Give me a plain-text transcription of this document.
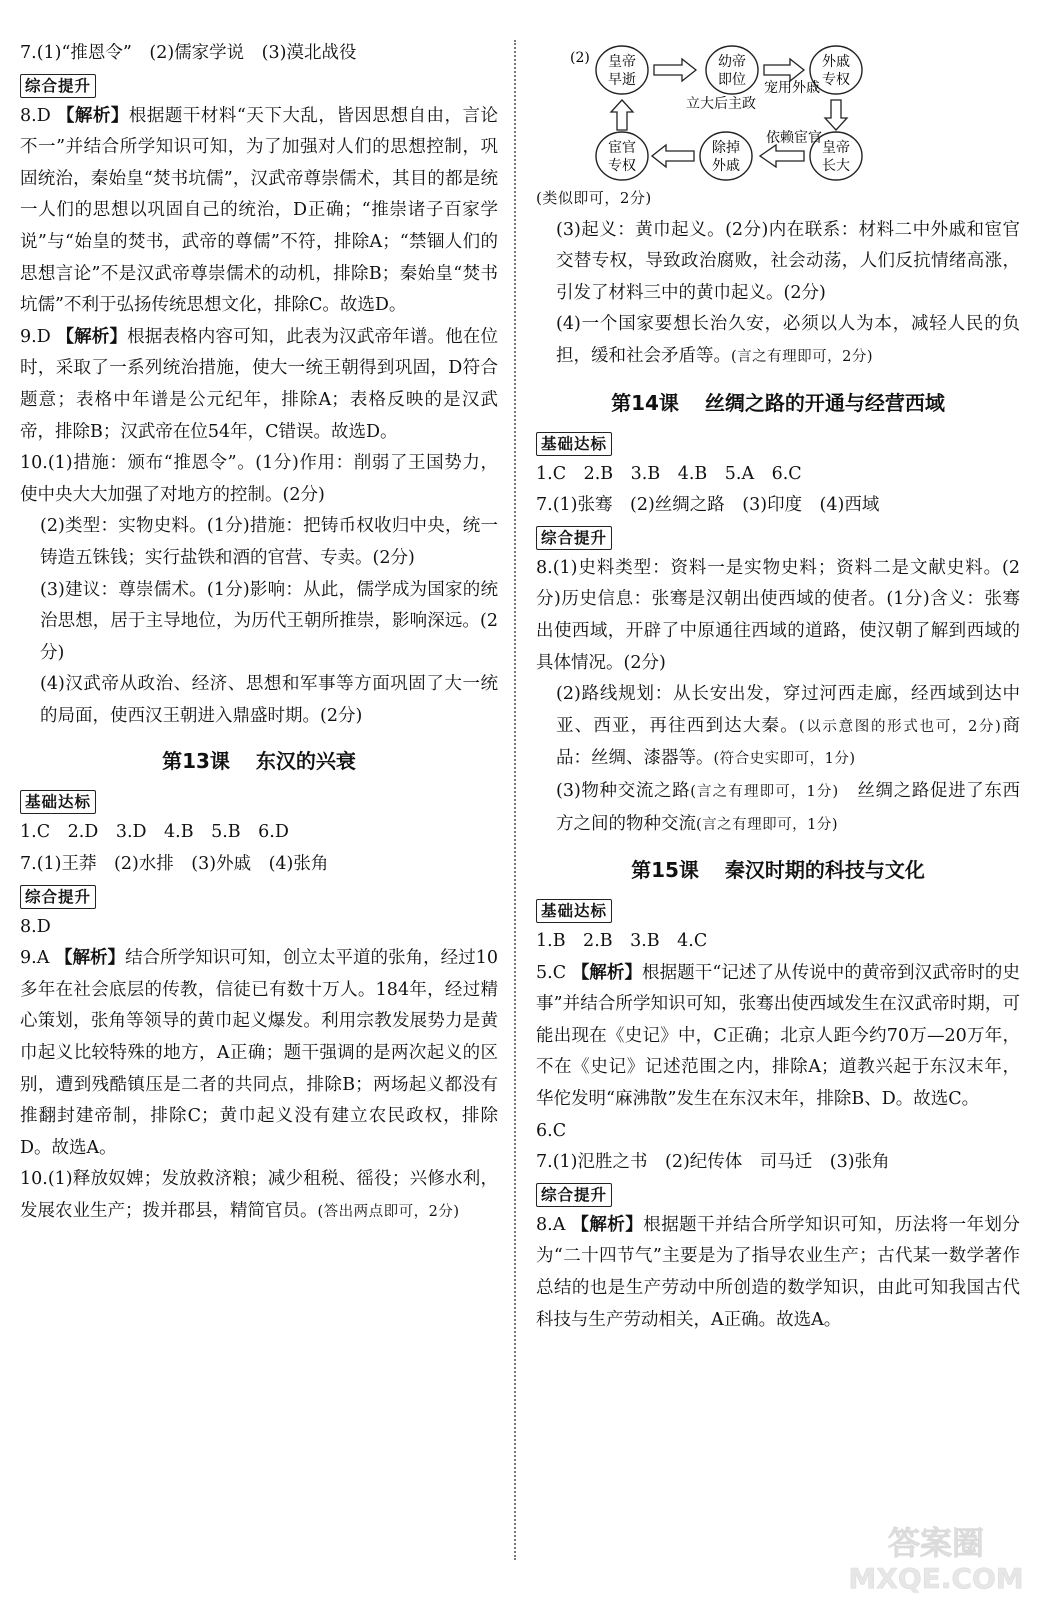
7.(1)“推恩令”　(2)儒家学说　(3)漠北战役

综合提升

8.D 【解析】根据题干材料“天下大乱，皆因思想自由，言论不一”并结合所学知识可知，为了加强对人们的思想控制，巩固统治，秦始皇“焚书坑儒”，汉武帝尊崇儒术，其目的都是统一人们的思想以巩固自己的统治，D正确；“推崇诸子百家学说”与“始皇的焚书，武帝的尊儒”不符，排除A；“禁锢人们的思想言论”不是汉武帝尊崇儒术的动机，排除B；秦始皇“焚书坑儒”不利于弘扬传统思想文化，排除C。故选D。

9.D 【解析】根据表格内容可知，此表为汉武帝年谱。他在位时，采取了一系列统治措施，使大一统王朝得到巩固，D符合题意；表格中年谱是公元纪年，排除A；表格反映的是汉武帝，排除B；汉武帝在位54年，C错误。故选D。

10.(1)措施：颁布“推恩令”。(1分)作用：削弱了王国势力，使中央大大加强了对地方的控制。(2分)

(2)类型：实物史料。(1分)措施：把铸币权收归中央，统一铸造五铢钱；实行盐铁和酒的官营、专卖。(2分)

(3)建议：尊崇儒术。(1分)影响：从此，儒学成为国家的统治思想，居于主导地位，为历代王朝所推崇，影响深远。(2分)

(4)汉武帝从政治、经济、思想和军事等方面巩固了大一统的局面，使西汉王朝进入鼎盛时期。(2分)

第13课 东汉的兴衰
基础达标

1.C　2.D　3.D　4.B　5.B　6.D

7.(1)王莽　(2)水排　(3)外戚　(4)张角

综合提升

8.D

9.A 【解析】结合所学知识可知，创立太平道的张角，经过10多年在社会底层的传教，信徒已有数十万人。184年，经过精心策划，张角等领导的黄巾起义爆发。利用宗教发展势力是黄巾起义比较特殊的地方，A正确；题干强调的是两次起义的区别，遭到残酷镇压是二者的共同点，排除B；两场起义都没有推翻封建帝制，排除C；黄巾起义没有建立农民政权，排除D。故选A。

10.(1)释放奴婢；发放救济粮；减少租税、徭役；兴修水利，发展农业生产；拨并郡县，精简官员。(答出两点即可，2分)

(2) 皇帝
早逝
幼帝
即位
外戚
专权
皇帝
长大
除掉
外戚
宦官
专权
宠用外戚
立大后主政
依赖宦官

(类似即可，2分)

(3)起义：黄巾起义。(2分)内在联系：材料二中外戚和宦官交替专权，导致政治腐败，社会动荡，人们反抗情绪高涨，引发了材料三中的黄巾起义。(2分)

(4)一个国家要想长治久安，必须以人为本，减轻人民的负担，缓和社会矛盾等。(言之有理即可，2分)

第14课 丝绸之路的开通与经营西域
基础达标

1.C　2.B　3.B　4.B　5.A　6.C

7.(1)张骞　(2)丝绸之路　(3)印度　(4)西域

综合提升

8.(1)史料类型：资料一是实物史料；资料二是文献史料。(2分)历史信息：张骞是汉朝出使西域的使者。(1分)含义：张骞出使西域，开辟了中原通往西域的道路，使汉朝了解到西域的具体情况。(2分)

(2)路线规划：从长安出发，穿过河西走廊，经西域到达中亚、西亚，再往西到达大秦。(以示意图的形式也可，2分)商品：丝绸、漆器等。(符合史实即可，1分)

(3)物种交流之路(言之有理即可，1分)　丝绸之路促进了东西方之间的物种交流(言之有理即可，1分)

第15课 秦汉时期的科技与文化
基础达标

1.B　2.B　3.B　4.C

5.C 【解析】根据题干“记述了从传说中的黄帝到汉武帝时的史事”并结合所学知识可知，张骞出使西域发生在汉武帝时期，可能出现在《史记》中，C正确；北京人距今约70万—20万年，不在《史记》记述范围之内，排除A；道教兴起于东汉末年，华佗发明“麻沸散”发生在东汉末年，排除B、D。故选C。

6.C

7.(1)氾胜之书　(2)纪传体　司马迁　(3)张角

综合提升

8.A 【解析】根据题干并结合所学知识可知，历法将一年划分为“二十四节气”主要是为了指导农业生产；古代某一数学著作总结的也是生产劳动中所创造的数学知识，由此可知我国古代科技与生产劳动相关，A正确。故选A。

答案圈
MXQE.COM
